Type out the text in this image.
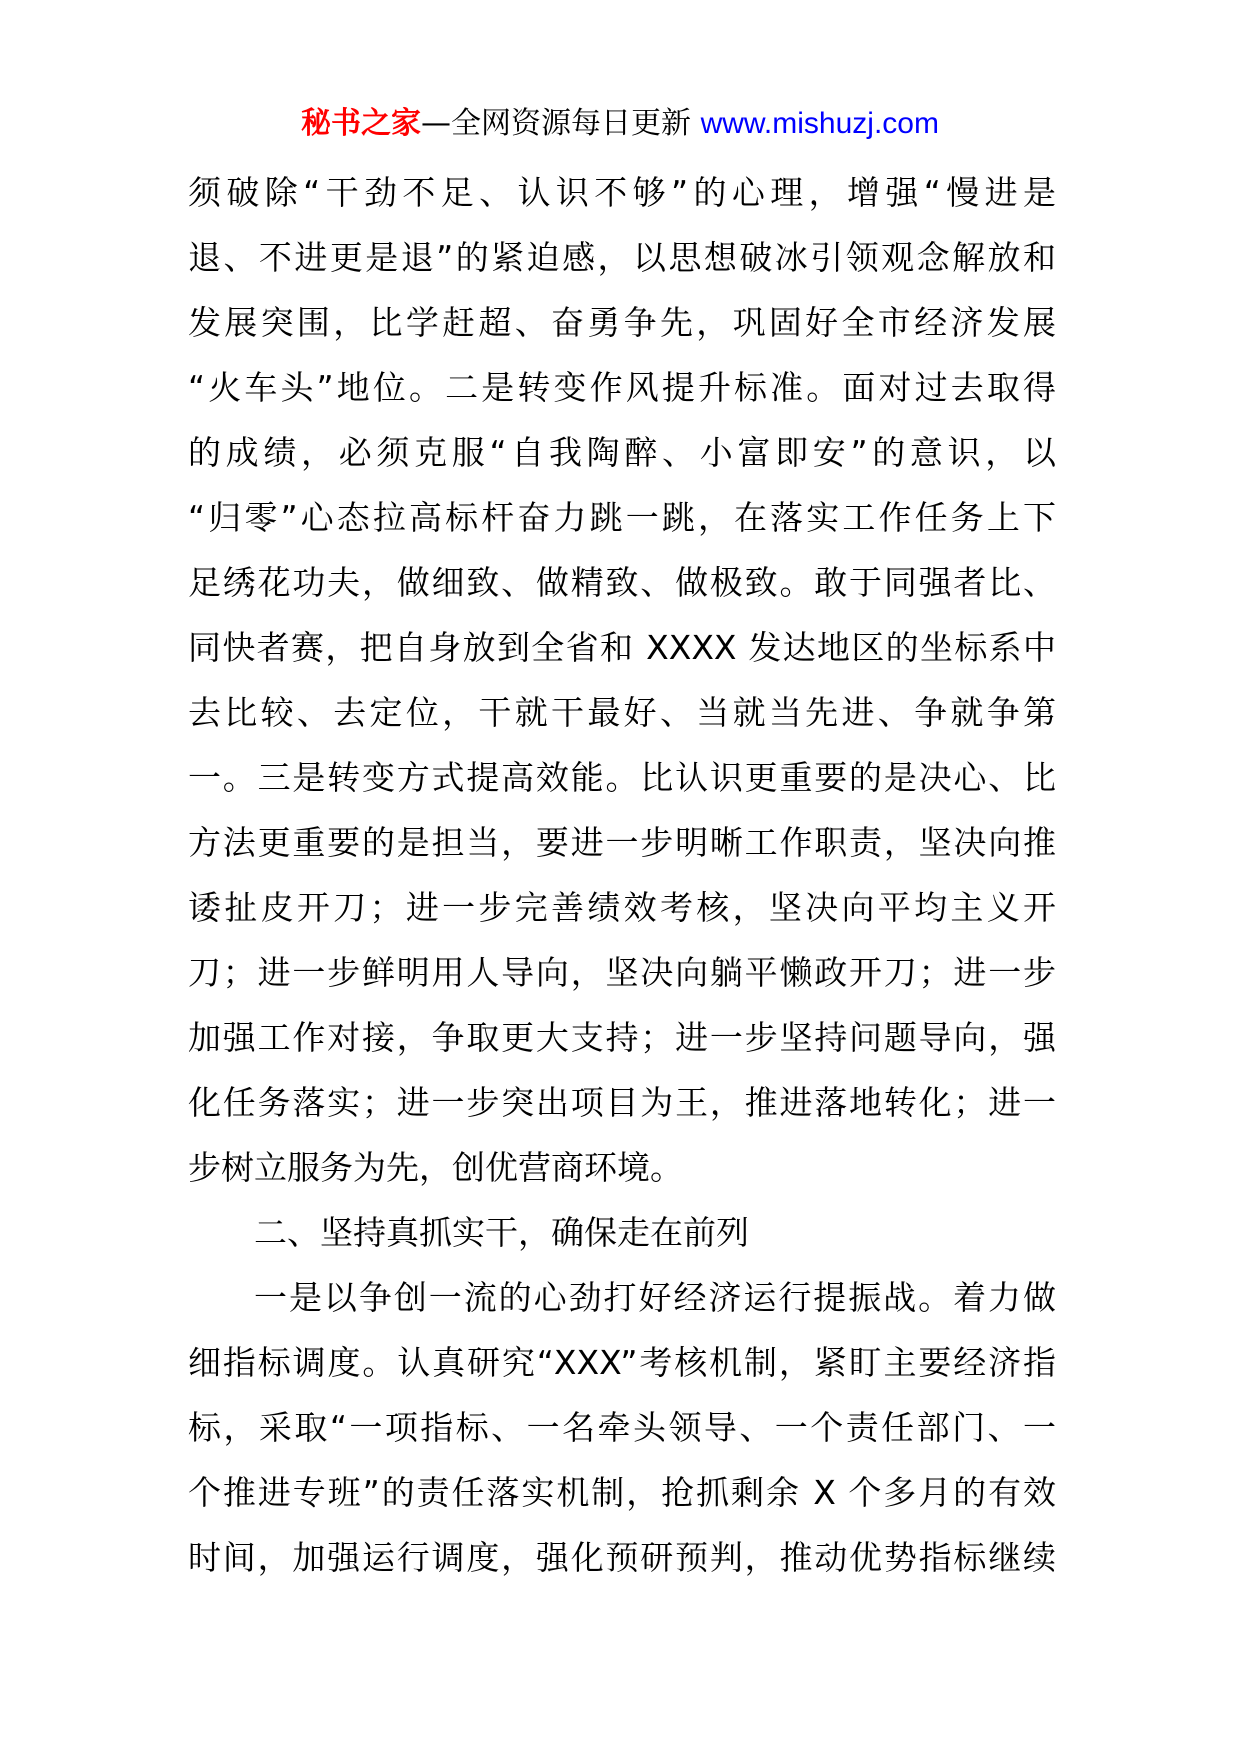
秘书之家—全网资源每日更新 www.mishuzj.com
须破除“干劲不足、认识不够”的心理，增强“慢进是
退、不进更是退”的紧迫感，以思想破冰引领观念解放和
发展突围，比学赶超、奋勇争先，巩固好全市经济发展
“火车头”地位。二是转变作风提升标准。面对过去取得
的成绩，必须克服“自我陶醉、小富即安”的意识，以
“归零”心态拉高标杆奋力跳一跳，在落实工作任务上下
足绣花功夫，做细致、做精致、做极致。敢于同强者比、
同快者赛，把自身放到全省和 XXXX 发达地区的坐标系中
去比较、去定位，干就干最好、当就当先进、争就争第
一。三是转变方式提高效能。比认识更重要的是决心、比
方法更重要的是担当，要进一步明晰工作职责，坚决向推
诿扯皮开刀；进一步完善绩效考核，坚决向平均主义开
刀；进一步鲜明用人导向，坚决向躺平懒政开刀；进一步
加强工作对接，争取更大支持；进一步坚持问题导向，强
化任务落实；进一步突出项目为王，推进落地转化；进一
步树立服务为先，创优营商环境。
二、坚持真抓实干，确保走在前列
一是以争创一流的心劲打好经济运行提振战。着力做
细指标调度。认真研究“XXX”考核机制，紧盯主要经济指
标，采取“一项指标、一名牵头领导、一个责任部门、一
个推进专班”的责任落实机制，抢抓剩余 X 个多月的有效
时间，加强运行调度，强化预研预判，推动优势指标继续
